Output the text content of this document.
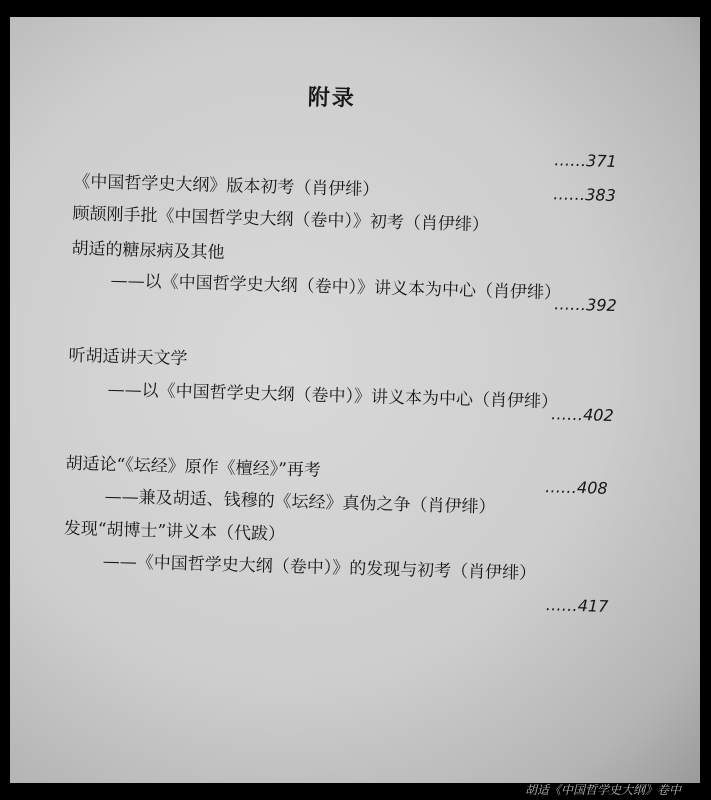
附录
《中国哲学史大纲》版本初考（肖伊绯）
……371
顾颉刚手批《中国哲学史大纲（卷中）》初考（肖伊绯）
……383
胡适的糖尿病及其他
——以《中国哲学史大纲（卷中）》讲义本为中心（肖伊绯）
……392
听胡适讲天文学
——以《中国哲学史大纲（卷中）》讲义本为中心（肖伊绯）
……402
胡适论“《坛经》原作《檀经》”再考
——兼及胡适、钱穆的《坛经》真伪之争（肖伊绯）	……408
发现“胡博士”讲义本（代跋）
——《中国哲学史大纲（卷中）》的发现与初考（肖伊绯）
……417
胡适《中国哲学史大纲》卷中
